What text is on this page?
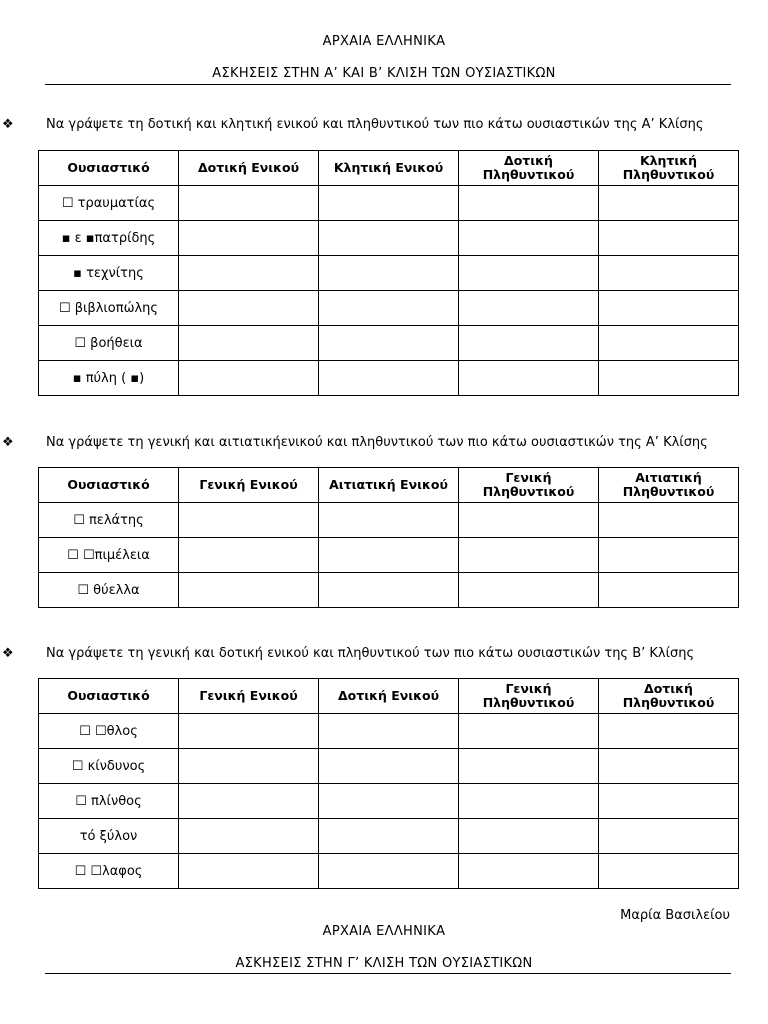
ΑΡΧΑΙΑ ΕΛΛΗΝΙΚΑ
ΑΣΚΗΣΕΙΣ ΣΤΗΝ Α’ ΚΑΙ Β’ ΚΛΙΣΗ ΤΩΝ ΟΥΣΙΑΣΤΙΚΩΝ
❖ Να γράψετε τη δοτική και κλητική ενικού και πληθυντικού των πιο κάτω ουσιαστικών της Α’ Κλίσης
Ουσιαστικό	Δοτική Ενικού	Κλητική Ενικού	Δοτική Πληθυντικού	Κλητική Πληθυντικού
☐ τραυματίας				
▪ ε ▪πατρίδης				
▪ τεχνίτης				
☐ βιβλιοπώλης				
☐ βοήθεια				
▪ πύλη ( ▪)				
❖ Να γράψετε τη γενική και αιτιατικήενικού και πληθυντικού των πιο κάτω ουσιαστικών της Α’ Κλίσης
Ουσιαστικό	Γενική Ενικού	Αιτιατική Ενικού	Γενική Πληθυντικού	Αιτιατική Πληθυντικού
☐ πελάτης				
☐ ☐πιμέλεια				
☐ θύελλα				
❖ Να γράψετε τη γενική και δοτική ενικού και πληθυντικού των πιο κάτω ουσιαστικών της Β’ Κλίσης
Ουσιαστικό	Γενική Ενικού	Δοτική Ενικού	Γενική Πληθυντικού	Δοτική Πληθυντικού
☐ ☐θλος				
☐ κίνδυνος				
☐ πλίνθος				
τό ξύλον				
☐ ☐λαφος				
Μαρία Βασιλείου
ΑΡΧΑΙΑ ΕΛΛΗΝΙΚΑ
ΑΣΚΗΣΕΙΣ ΣΤΗΝ Γ’ ΚΛΙΣΗ ΤΩΝ ΟΥΣΙΑΣΤΙΚΩΝ
